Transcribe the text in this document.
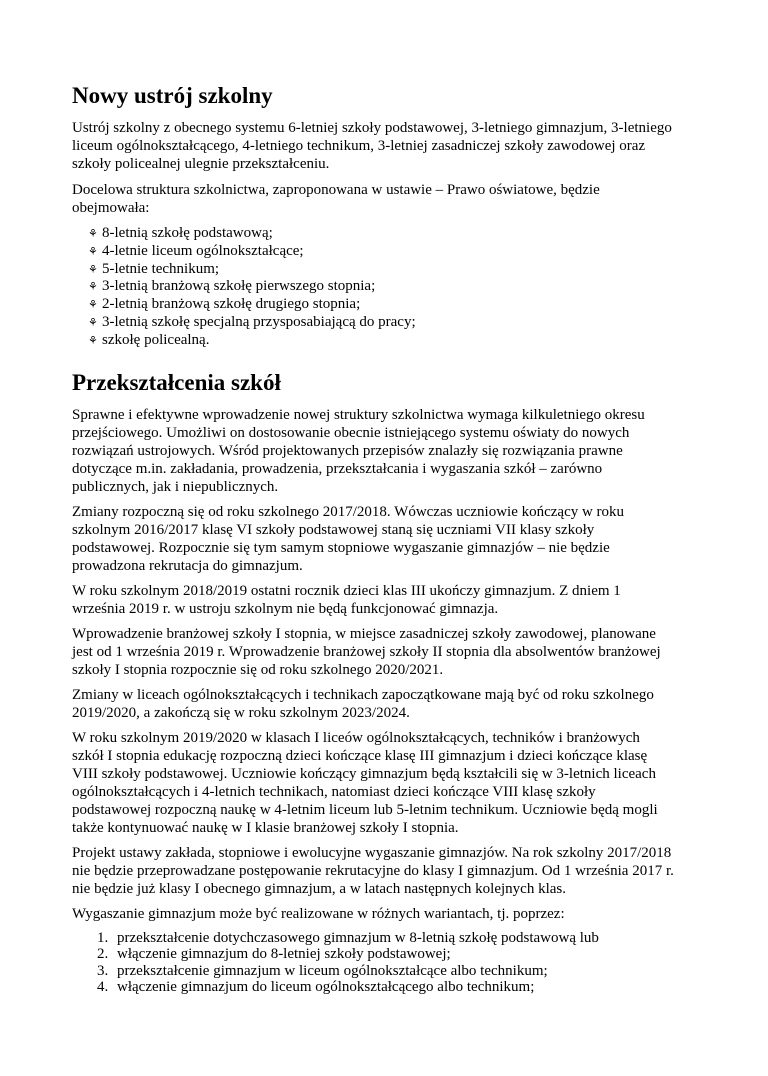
Nowy ustrój szkolny

Ustrój szkolny z obecnego systemu 6-letniej szkoły podstawowej, 3-letniego gimnazjum, 3-letniego
liceum ogólnokształcącego, 4-letniego technikum, 3-letniej zasadniczej szkoły zawodowej oraz
szkoły policealnej ulegnie przekształceniu.

Docelowa struktura szkolnictwa, zaproponowana w ustawie – Prawo oświatowe, będzie
obejmowała:

⚘ 8-letnią szkołę podstawową;
⚘ 4-letnie liceum ogólnokształcące;
⚘ 5-letnie technikum;
⚘ 3-letnią branżową szkołę pierwszego stopnia;
⚘ 2-letnią branżową szkołę drugiego stopnia;
⚘ 3-letnią szkołę specjalną przysposabiającą do pracy;
⚘ szkołę policealną.
Przekształcenia szkół

Sprawne i efektywne wprowadzenie nowej struktury szkolnictwa wymaga kilkuletniego okresu
przejściowego. Umożliwi on dostosowanie obecnie istniejącego systemu oświaty do nowych
rozwiązań ustrojowych. Wśród projektowanych przepisów znalazły się rozwiązania prawne
dotyczące m.in. zakładania, prowadzenia, przekształcania i wygaszania szkół – zarówno
publicznych, jak i niepublicznych.

Zmiany rozpoczną się od roku szkolnego 2017/2018. Wówczas uczniowie kończący w roku
szkolnym 2016/2017 klasę VI szkoły podstawowej staną się uczniami VII klasy szkoły
podstawowej. Rozpocznie się tym samym stopniowe wygaszanie gimnazjów – nie będzie
prowadzona rekrutacja do gimnazjum.

W roku szkolnym 2018/2019 ostatni rocznik dzieci klas III ukończy gimnazjum. Z dniem 1
września 2019 r. w ustroju szkolnym nie będą funkcjonować gimnazja.

Wprowadzenie branżowej szkoły I stopnia, w miejsce zasadniczej szkoły zawodowej, planowane
jest od 1 września 2019 r. Wprowadzenie branżowej szkoły II stopnia dla absolwentów branżowej
szkoły I stopnia rozpocznie się od roku szkolnego 2020/2021.

Zmiany w liceach ogólnokształcących i technikach zapoczątkowane mają być od roku szkolnego
2019/2020, a zakończą się w roku szkolnym 2023/2024.

W roku szkolnym 2019/2020 w klasach I liceów ogólnokształcących, techników i branżowych
szkół I stopnia edukację rozpoczną dzieci kończące klasę III gimnazjum i dzieci kończące klasę
VIII szkoły podstawowej. Uczniowie kończący gimnazjum będą kształcili się w 3-letnich liceach
ogólnokształcących i 4-letnich technikach, natomiast dzieci kończące VIII klasę szkoły
podstawowej rozpoczną naukę w 4-letnim liceum lub 5-letnim technikum. Uczniowie będą mogli
także kontynuować naukę w I klasie branżowej szkoły I stopnia.

Projekt ustawy zakłada, stopniowe i ewolucyjne wygaszanie gimnazjów. Na rok szkolny 2017/2018
nie będzie przeprowadzane postępowanie rekrutacyjne do klasy I gimnazjum. Od 1 września 2017 r.
nie będzie już klasy I obecnego gimnazjum, a w latach następnych kolejnych klas.

Wygaszanie gimnazjum może być realizowane w różnych wariantach, tj. poprzez:

1. przekształcenie dotychczasowego gimnazjum w 8-letnią szkołę podstawową lub
2. włączenie gimnazjum do 8-letniej szkoły podstawowej;
3. przekształcenie gimnazjum w liceum ogólnokształcące albo technikum;
4. włączenie gimnazjum do liceum ogólnokształcącego albo technikum;
